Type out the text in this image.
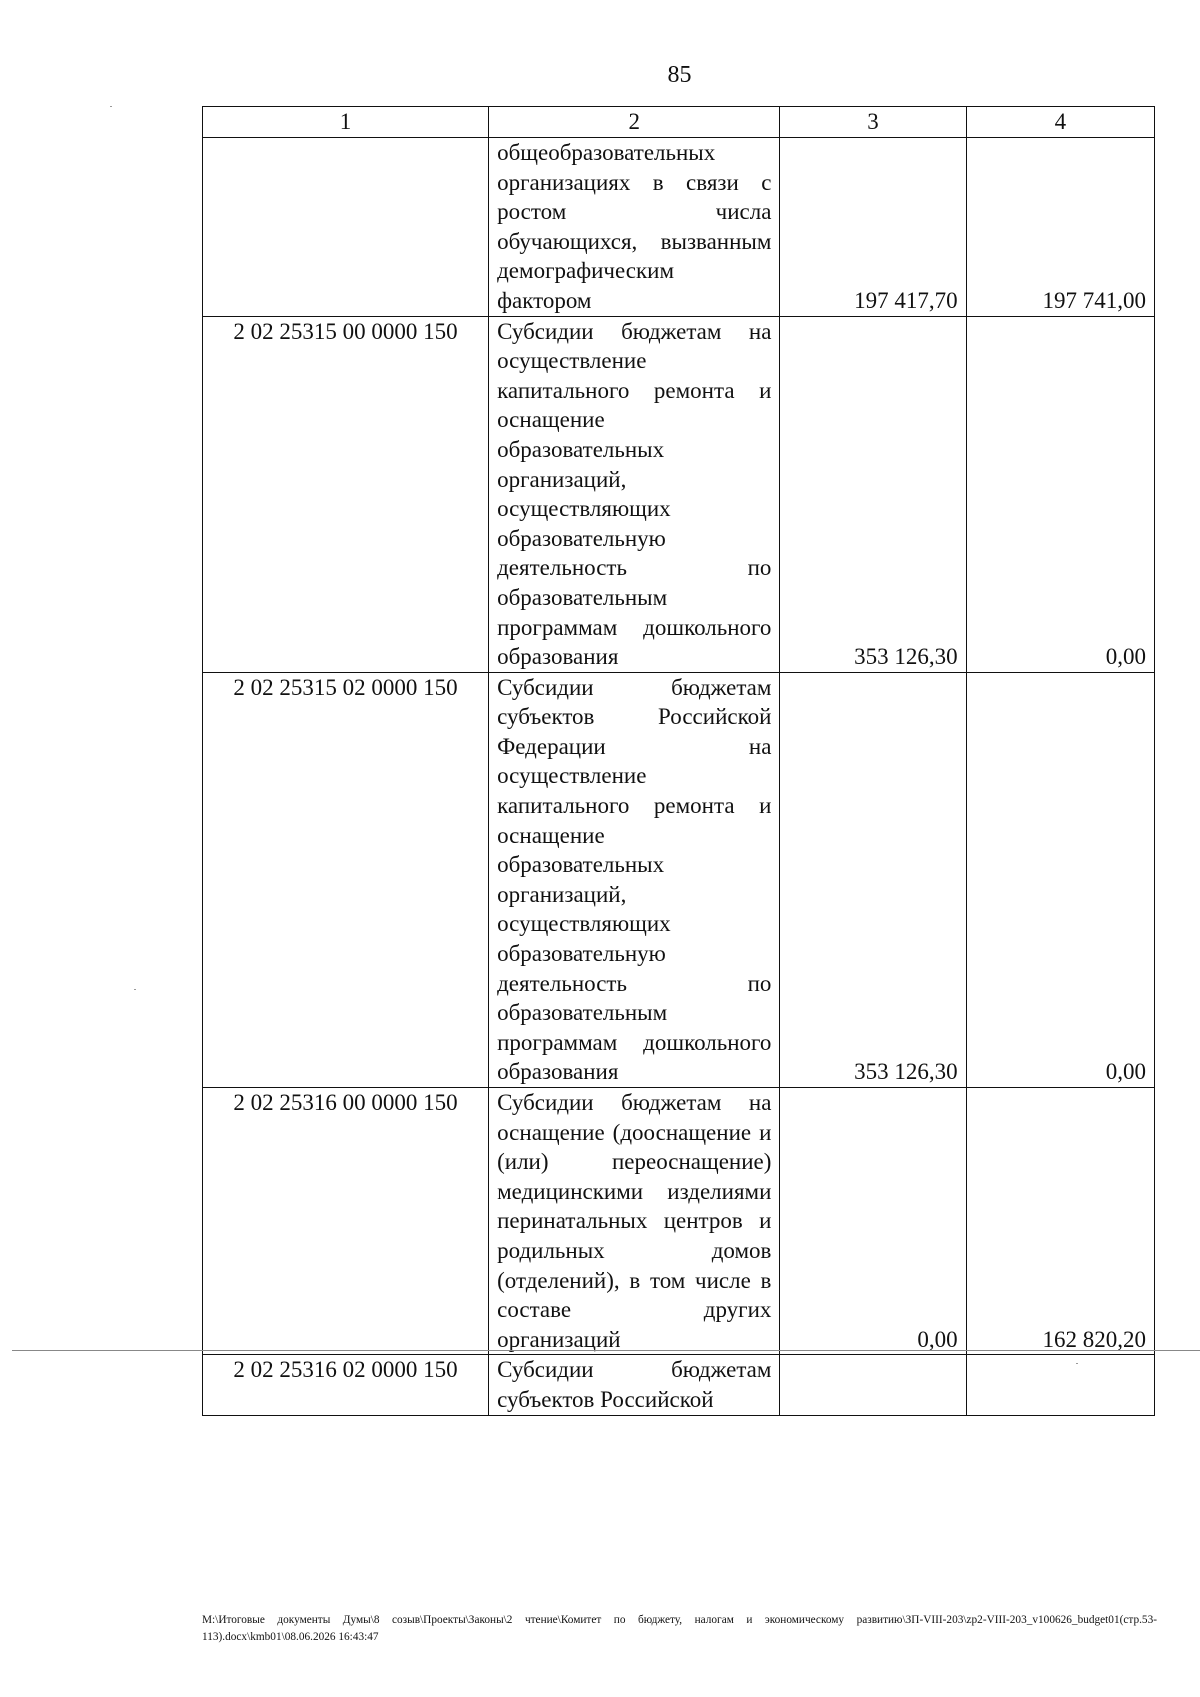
85
1	2	3	4

	общеобразовательных организациях в связи с ростом числа обучающихся, вызванным демографическим фактором	197 417,70	197 741,00
2 02 25315 00 0000 150	Субсидии бюджетам на осуществление капитального ремонта и оснащение образовательных организаций, осуществляющих образовательную деятельность по образовательным программам дошкольного образования	353 126,30	0,00
2 02 25315 02 0000 150	Субсидии бюджетам субъектов Российской Федерации на осуществление капитального ремонта и оснащение образовательных организаций, осуществляющих образовательную деятельность по образовательным программам дошкольного образования	353 126,30	0,00
2 02 25316 00 0000 150	Субсидии бюджетам на оснащение (дооснащение и (или) переоснащение) медицинскими изделиями перинатальных центров и родильных домов (отделений), в том числе в составе других организаций	0,00	162 820,20
2 02 25316 02 0000 150	Субсидии бюджетам субъектов Российской		

M:\Итоговые документы Думы\8 созыв\Проекты\Законы\2 чтение\Комитет по бюджету, налогам и экономическому развитию\ЗП-VIII-203\zp2-VIII-203_v100626_budget01(стр.53-113).docx\kmb01\08.06.2026 16:43:47
